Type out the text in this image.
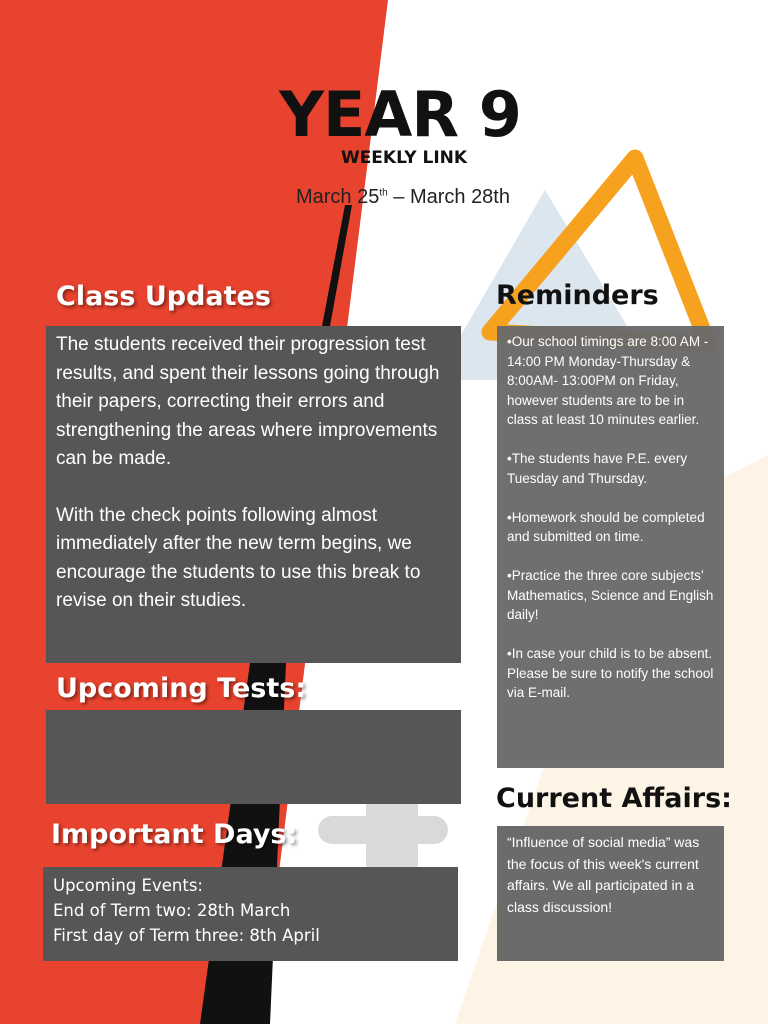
YEAR 9
WEEKLY LINK
March 25th – March 28th

The students received their progression test results, and spent their lessons going through their papers, correcting their errors and strengthening the areas where improvements can be made.

With the check points following almost immediately after the new term begins, we encourage the students to use this break to revise on their studies.

Class Updates
Upcoming Tests:
Upcoming Events:
End of Term two: 28th March
First day of Term three: 8th April
Important Days:
Reminders

•Our school timings are 8:00 AM - 14:00 PM Monday-Thursday & 8:00AM- 13:00PM on Friday, however students are to be in class at least 10 minutes earlier.

•The students have P.E. every Tuesday and Thursday.

•Homework should be completed and submitted on time.

•Practice the three core subjects’ Mathematics, Science and English daily!

•In case your child is to be absent. Please be sure to notify the school via E-mail.

Current Affairs:
“Influence of social media” was the focus of this week's current affairs. We all participated in a class discussion!
